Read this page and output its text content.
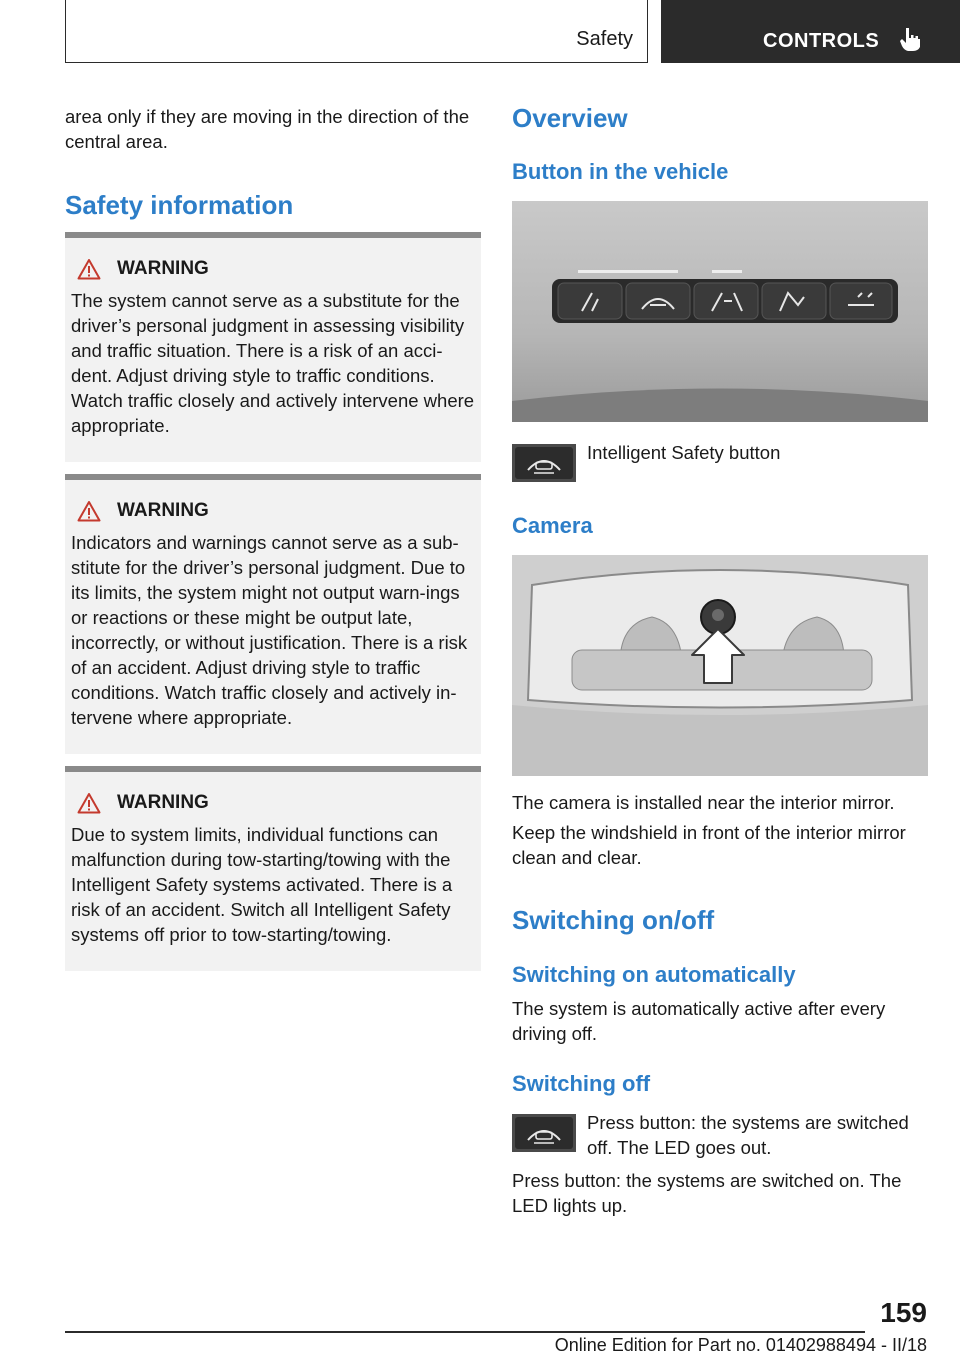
Safety	CONTROLS

area only if they are moving in the direction of the central area.

Safety information
WARNING
The system cannot serve as a substitute for the driver’s personal judgment in assessing visibility and traffic situation. There is a risk of an acci‐dent. Adjust driving style to traffic conditions. Watch traffic closely and actively intervene where appropriate.
WARNING
Indicators and warnings cannot serve as a sub‐stitute for the driver’s personal judgment. Due to its limits, the system might not output warn‐ings or reactions or these might be output late, incorrectly, or without justification. There is a risk of an accident. Adjust driving style to traffic conditions. Watch traffic closely and actively in‐tervene where appropriate.
WARNING
Due to system limits, individual functions can malfunction during tow-starting/towing with the Intelligent Safety systems activated. There is a risk of an accident. Switch all Intelligent Safety systems off prior to tow-starting/towing.
Overview
Button in the vehicle

Intelligent Safety button

Camera

The camera is installed near the interior mirror.

Keep the windshield in front of the interior mirror clean and clear.

Switching on/off
Switching on automatically

The system is automatically active after every driving off.

Switching off

Press button: the systems are switched off. The LED goes out.

Press button: the systems are switched on. The LED lights up.

159
Online Edition for Part no. 01402988494 - II/18
